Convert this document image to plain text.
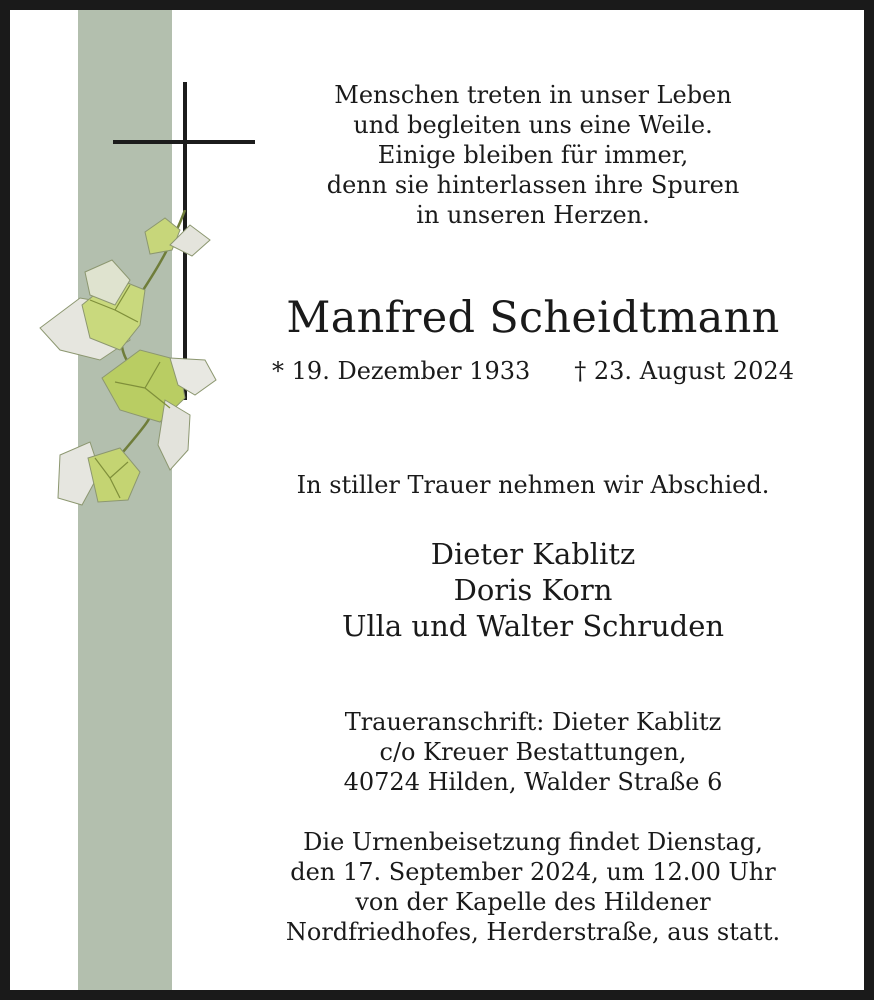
Menschen treten in unser Leben
und begleiten uns eine Weile.
Einige bleiben für immer,
denn sie hinterlassen ihre Spuren
in unseren Herzen.
Manfred Scheidtmann
* 19. Dezember 1933 † 23. August 2024
In stiller Trauer nehmen wir Abschied.
Dieter Kablitz
Doris Korn
Ulla und Walter Schruden
Traueranschrift: Dieter Kablitz
c/o Kreuer Bestattungen,
40724 Hilden, Walder Straße 6
Die Urnenbeisetzung findet Dienstag,
den 17. September 2024, um 12.00 Uhr
von der Kapelle des Hildener
Nordfriedhofes, Herderstraße, aus statt.
